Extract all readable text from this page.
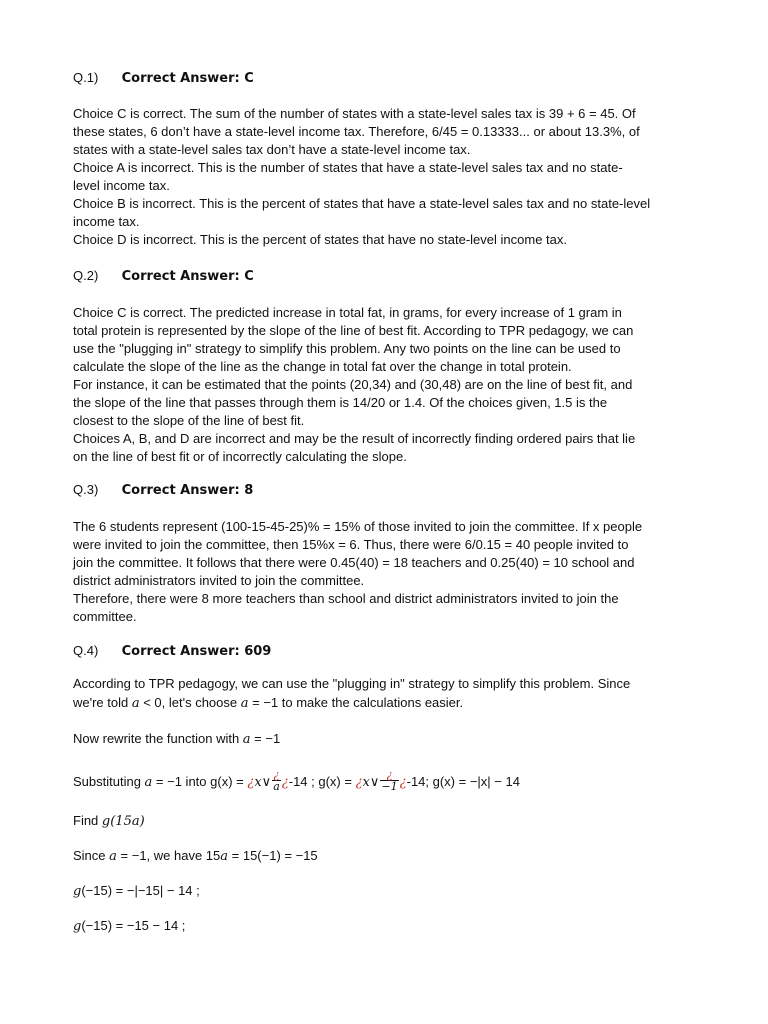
Q.1) Correct Answer: C

Choice C is correct. The sum of the number of states with a state-level sales tax is 39 + 6 = 45. Of

these states, 6 don’t have a state-level income tax. Therefore, 6/45 = 0.13333... or about 13.3%, of

states with a state-level sales tax don’t have a state-level income tax.

Choice A is incorrect. This is the number of states that have a state-level sales tax and no state-

level income tax.

Choice B is incorrect. This is the percent of states that have a state-level sales tax and no state-level

income tax.

Choice D is incorrect. This is the percent of states that have no state-level income tax.

Q.2) Correct Answer: C

Choice C is correct. The predicted increase in total fat, in grams, for every increase of 1 gram in

total protein is represented by the slope of the line of best fit. According to TPR pedagogy, we can

use the "plugging in" strategy to simplify this problem. Any two points on the line can be used to

calculate the slope of the line as the change in total fat over the change in total protein.

For instance, it can be estimated that the points (20,34) and (30,48) are on the line of best fit, and

the slope of the line that passes through them is 14/20 or 1.4. Of the choices given, 1.5 is the

closest to the slope of the line of best fit.

Choices A, B, and D are incorrect and may be the result of incorrectly finding ordered pairs that lie

on the line of best fit or of incorrectly calculating the slope.

Q.3) Correct Answer: 8

The 6 students represent (100-15-45-25)% = 15% of those invited to join the committee. If x people

were invited to join the committee, then 15%x = 6. Thus, there were 6/0.15 = 40 people invited to

join the committee. It follows that there were 0.45(40) = 18 teachers and 0.25(40) = 10 school and

district administrators invited to join the committee.

Therefore, there were 8 more teachers than school and district administrators invited to join the

committee.

Q.4) Correct Answer: 609
According to TPR pedagogy, we can use the "plugging in" strategy to simplify this problem. Since
we're told a < 0, let's choose a = −1 to make the calculations easier.
Now rewrite the function with a = −1
Substituting a = −1 into g(x) = ¿x∨ $\frac{¿}{a}$ ¿-14 ; g(x) = ¿x∨ $\frac{¿}{-1}$ ¿-14; g(x) = −|x| − 14
Find g(15a)
Since a = −1, we have 15a = 15(−1) = −15
g(−15) = −|−15| − 14 ;
g(−15) = −15 − 14 ;
